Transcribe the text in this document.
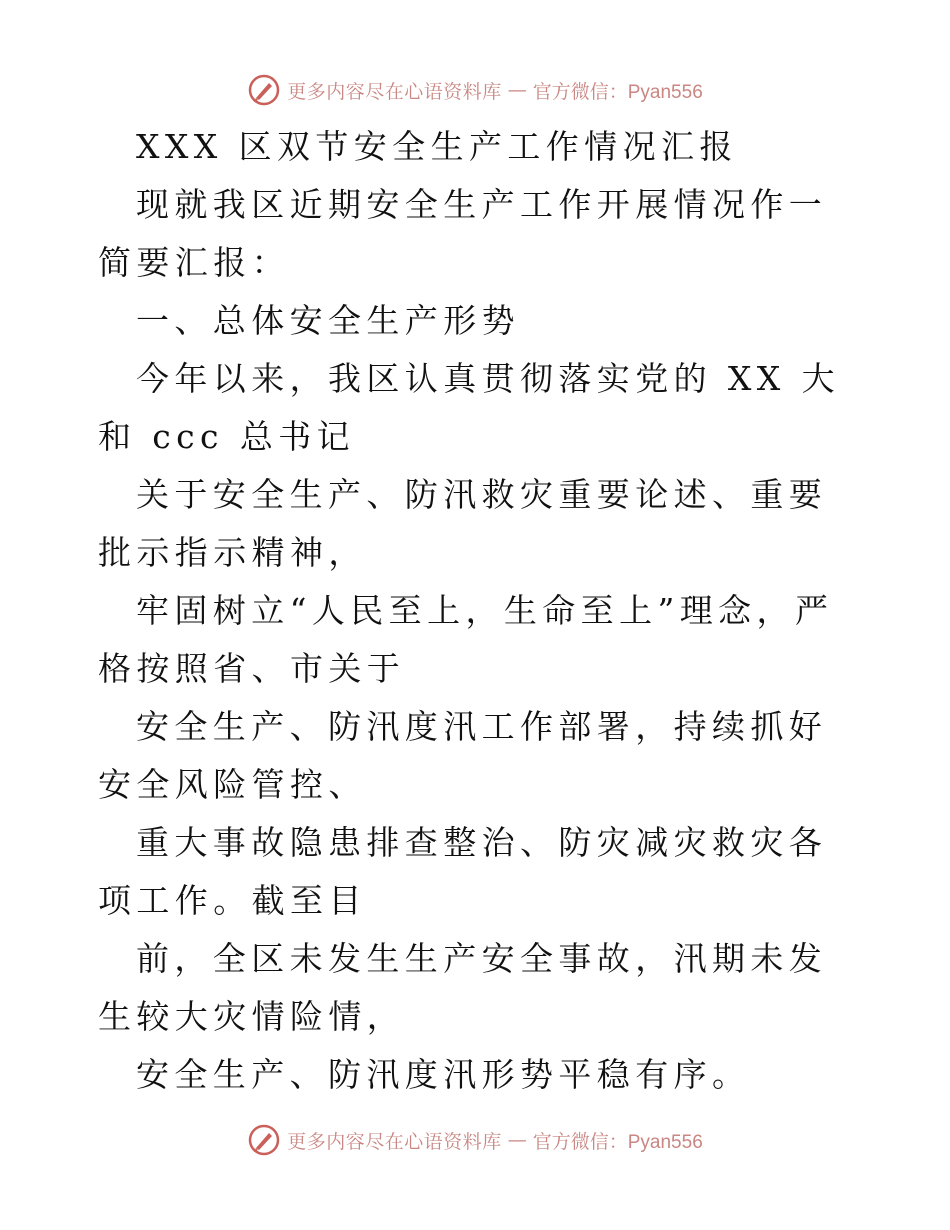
更多内容尽在心语资料库 — 官方微信：Pyan556

XXX 区双节安全生产工作情况汇报

现就我区近期安全生产工作开展情况作一简要汇报：

一、总体安全生产形势

今年以来，我区认真贯彻落实党的 XX 大和 ccc 总书记

关于安全生产、防汛救灾重要论述、重要批示指示精神，

牢固树立“人民至上，生命至上”理念，严格按照省、市关于

安全生产、防汛度汛工作部署，持续抓好安全风险管控、

重大事故隐患排查整治、防灾减灾救灾各项工作。截至目

前，全区未发生生产安全事故，汛期未发生较大灾情险情，

安全生产、防汛度汛形势平稳有序。

更多内容尽在心语资料库 — 官方微信：Pyan556
